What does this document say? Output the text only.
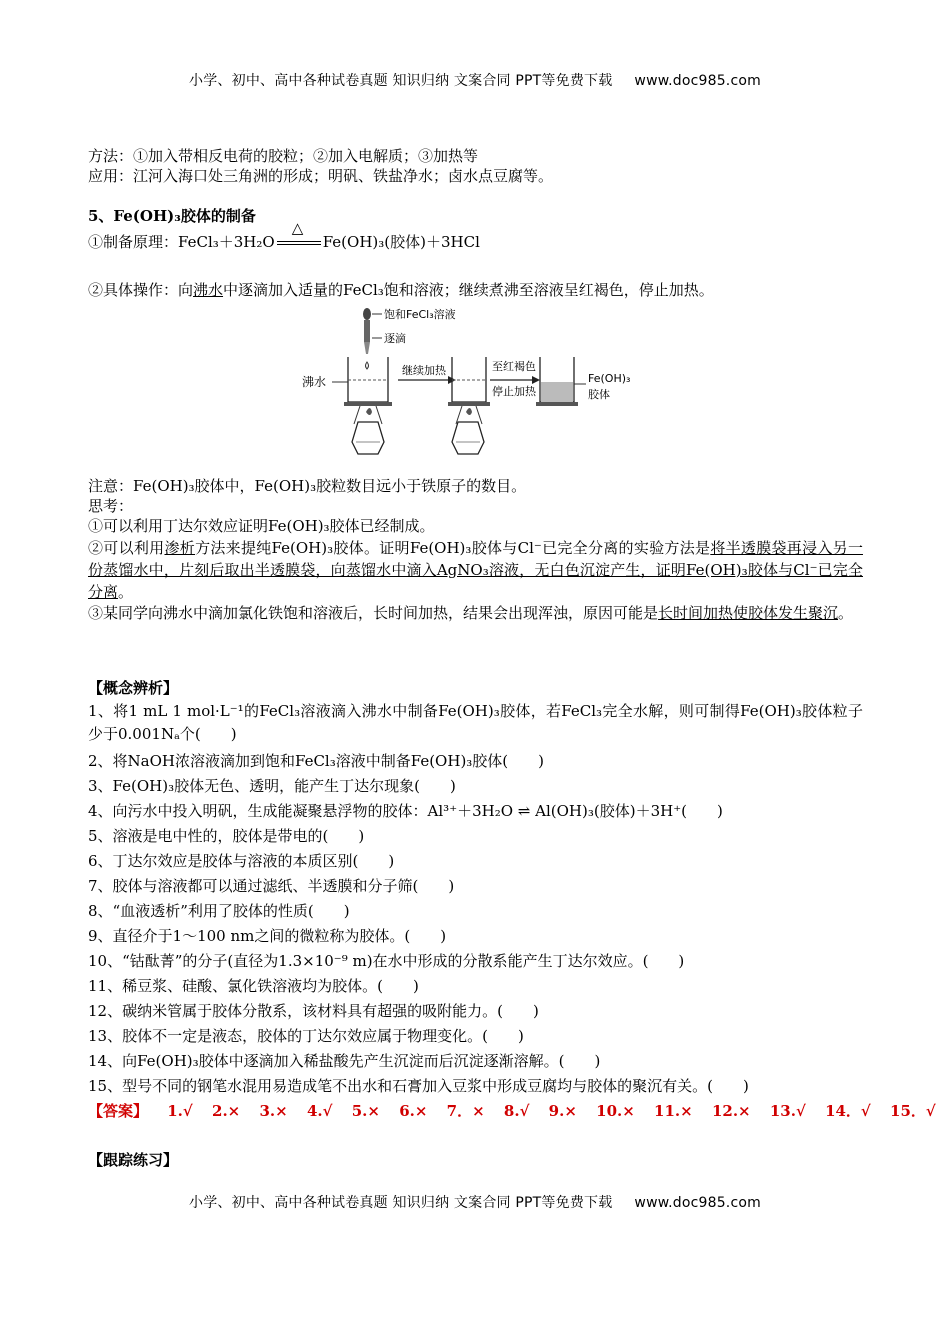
小学、初中、高中各种试卷真题 知识归纳 文案合同 PPT等免费下载 www.doc985.com
方法：①加入带相反电荷的胶粒；②加入电解质；③加热等
应用：江河入海口处三角洲的形成；明矾、铁盐净水；卤水点豆腐等。
5、Fe(OH)₃胶体的制备
①制备原理：FeCl₃＋3H₂O
△
Fe(OH)₃(胶体)＋3HCl
②具体操作：向沸水中逐滴加入适量的FeCl₃饱和溶液；继续煮沸至溶液呈红褐色，停止加热。
饱和FeCl₃溶液
逐滴
沸水
继续加热	至红褐色
停止加热
Fe(OH)₃
胶体
注意：Fe(OH)₃胶体中，Fe(OH)₃胶粒数目远小于铁原子的数目。
思考：
①可以利用丁达尔效应证明Fe(OH)₃胶体已经制成。
②可以利用渗析方法来提纯Fe(OH)₃胶体。证明Fe(OH)₃胶体与Cl⁻已完全分离的实验方法是将半透膜袋再浸入另一份蒸馏水中，片刻后取出半透膜袋，向蒸馏水中滴入AgNO₃溶液，无白色沉淀产生，证明Fe(OH)₃胶体与Cl⁻已完全分离。
③某同学向沸水中滴加氯化铁饱和溶液后，长时间加热，结果会出现浑浊，原因可能是长时间加热使胶体发生聚沉。
【概念辨析】
1、将1 mL 1 mol·L⁻¹的FeCl₃溶液滴入沸水中制备Fe(OH)₃胶体，若FeCl₃完全水解，则可制得Fe(OH)₃胶体粒子少于0.001Nₐ个(　　)
2、将NaOH浓溶液滴加到饱和FeCl₃溶液中制备Fe(OH)₃胶体(　　)
3、Fe(OH)₃胶体无色、透明，能产生丁达尔现象(　　)
4、向污水中投入明矾，生成能凝聚悬浮物的胶体：Al³⁺＋3H₂O ⇌ Al(OH)₃(胶体)＋3H⁺(　　)
5、溶液是电中性的，胶体是带电的(　　)
6、丁达尔效应是胶体与溶液的本质区别(　　)
7、胶体与溶液都可以通过滤纸、半透膜和分子筛(　　)
8、“血液透析”利用了胶体的性质(　　)
9、直径介于1～100 nm之间的微粒称为胶体。(　　)
10、“钴酞菁”的分子(直径为1.3×10⁻⁹ m)在水中形成的分散系能产生丁达尔效应。(　　)
11、稀豆浆、硅酸、氯化铁溶液均为胶体。(　　)
12、碳纳米管属于胶体分散系，该材料具有超强的吸附能力。(　　)
13、胶体不一定是液态，胶体的丁达尔效应属于物理变化。(　　)
14、向Fe(OH)₃胶体中逐滴加入稀盐酸先产生沉淀而后沉淀逐渐溶解。(　　)
15、型号不同的钢笔水混用易造成笔不出水和石膏加入豆浆中形成豆腐均与胶体的聚沉有关。(　　)
【答案】 1.√ 2.× 3.× 4.√ 5.× 6.× 7．× 8.√ 9.× 10.× 11.× 12.× 13.√ 14．√ 15．√
【跟踪练习】
小学、初中、高中各种试卷真题 知识归纳 文案合同 PPT等免费下载 www.doc985.com
